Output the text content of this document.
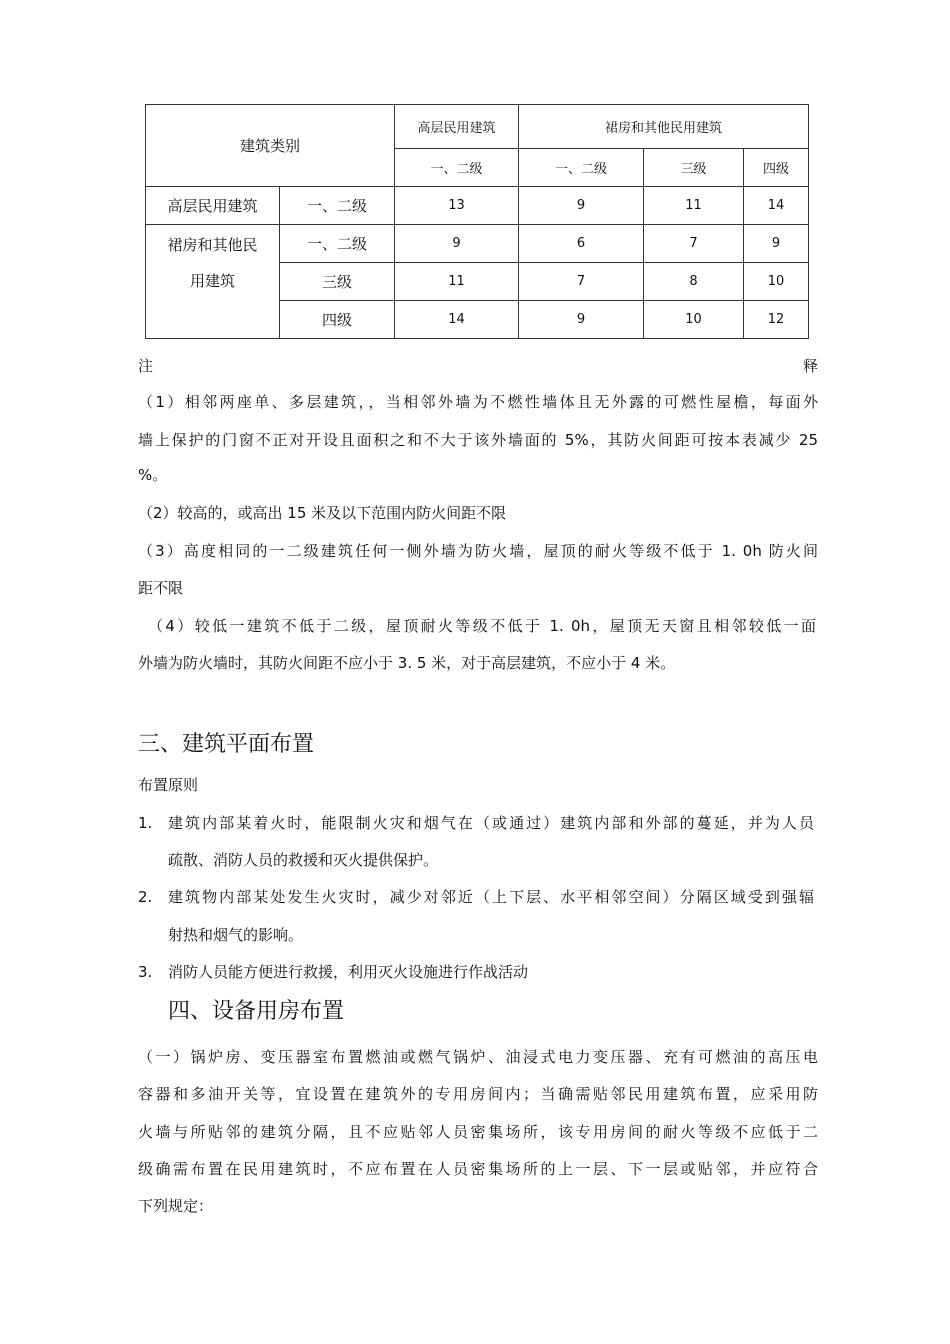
建筑类别		高层民用建筑	裙房和其他民用建筑		
		一、二级	一、二级	三级	四级
高层民用建筑	一、二级	13	9	11	14

裙房和其他民
用建筑	一、二级	9	6	7	9
	三级	11	7	8	10
	四级	14	9	10	12
注	释
（1）相邻两座单、多层建筑，，当相邻外墙为不燃性墙体且无外露的可燃性屋檐，每面外
墙上保护的门窗不正对开设且面积之和不大于该外墙面的 5%，其防火间距可按本表减少 25
%。
（2）较高的，或高出 15 米及以下范围内防火间距不限
（3）高度相同的一二级建筑任何一侧外墙为防火墙，屋顶的耐火等级不低于 1. 0h 防火间
距不限
（4）较低一建筑不低于二级，屋顶耐火等级不低于 1. 0h，屋顶无天窗且相邻较低一面
外墙为防火墙时，其防火间距不应小于 3. 5 米，对于高层建筑，不应小于 4 米。
三、建筑平面布置
布置原则
1. 建筑内部某着火时，能限制火灾和烟气在（或通过）建筑内部和外部的蔓延，并为人员
疏散、消防人员的救援和灭火提供保护。
2. 建筑物内部某处发生火灾时，减少对邻近（上下层、水平相邻空间）分隔区域受到强辐
射热和烟气的影响。
3. 消防人员能方便进行救援，利用灭火设施进行作战活动
四、设备用房布置
（一）锅炉房、变压器室布置燃油或燃气锅炉、油浸式电力变压器、充有可燃油的高压电
容器和多油开关等，宜设置在建筑外的专用房间内；当确需贴邻民用建筑布置，应采用防
火墙与所贴邻的建筑分隔，且不应贴邻人员密集场所，该专用房间的耐火等级不应低于二
级确需布置在民用建筑时，不应布置在人员密集场所的上一层、下一层或贴邻，并应符合
下列规定：
